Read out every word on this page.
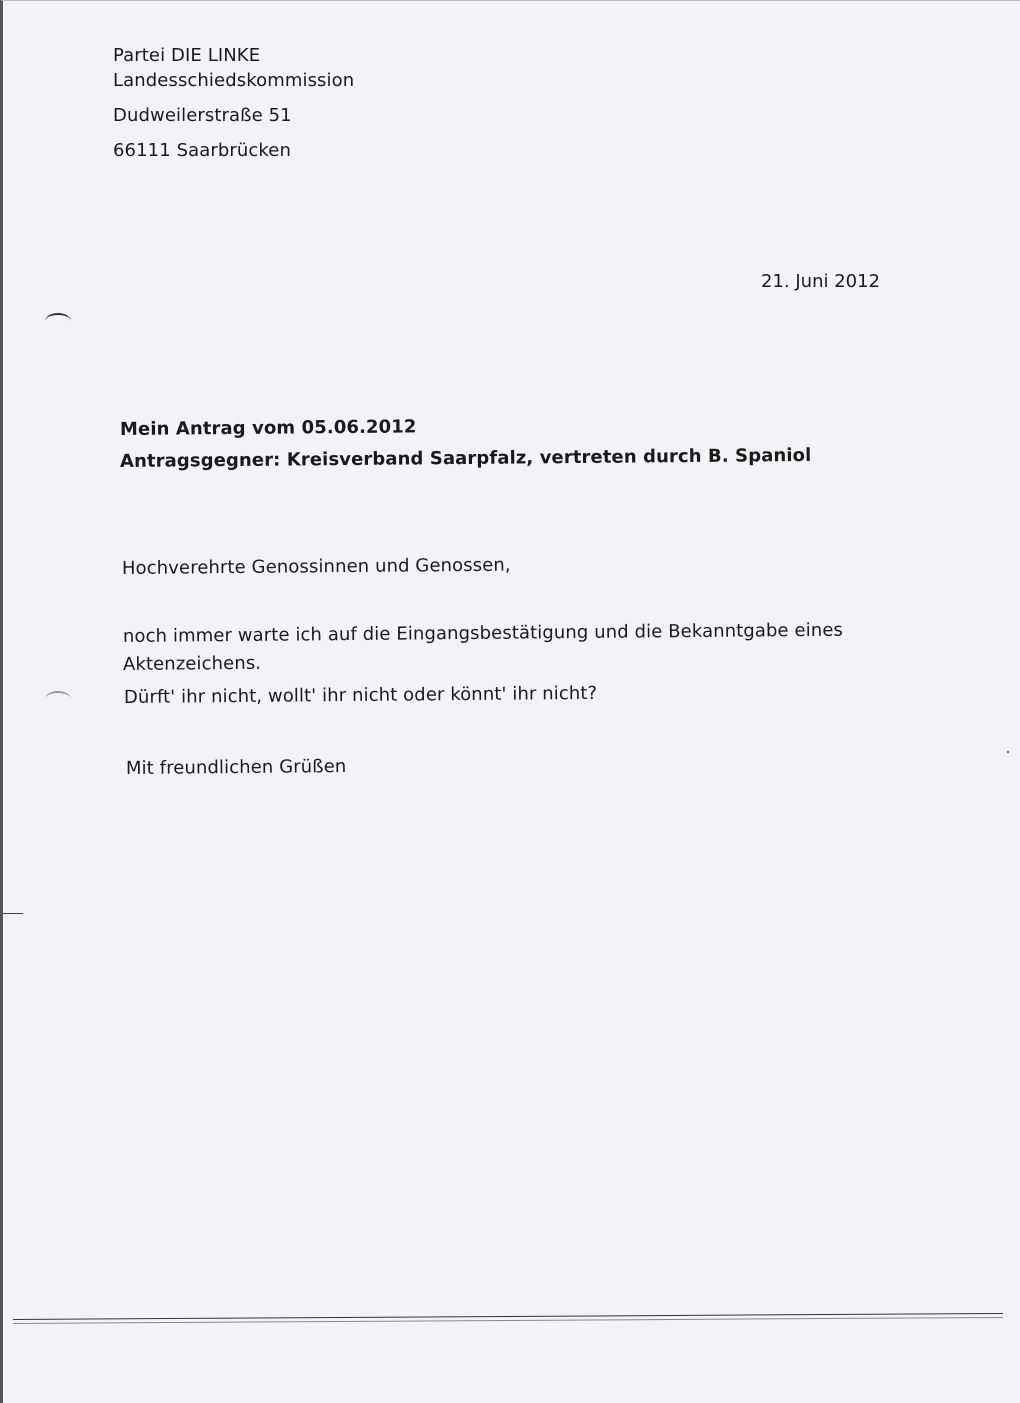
Partei DIE LINKE
Landesschiedskommission
Dudweilerstraße 51
66111 Saarbrücken
21. Juni 2012
Mein Antrag vom 05.06.2012
Antragsgegner: Kreisverband Saarpfalz, vertreten durch B. Spaniol
Hochverehrte Genossinnen und Genossen,
noch immer warte ich auf die Eingangsbestätigung und die Bekanntgabe eines
Aktenzeichens.
Dürft' ihr nicht, wollt' ihr nicht oder könnt' ihr nicht?
Mit freundlichen Grüßen
